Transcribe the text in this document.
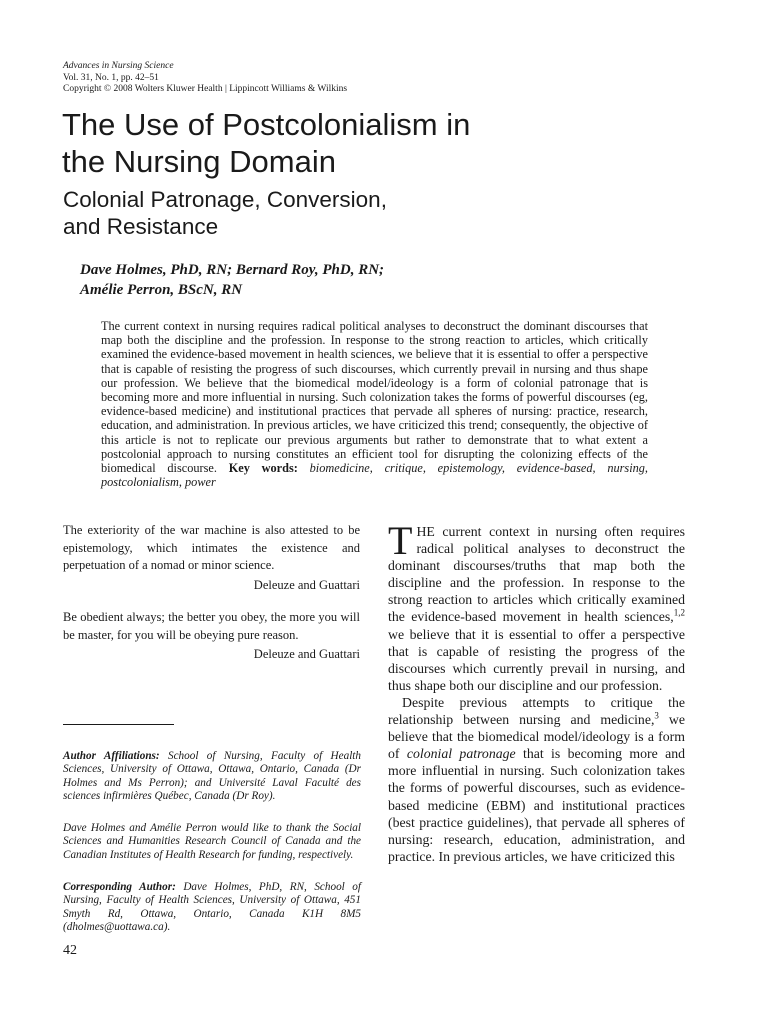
Advances in Nursing Science
Vol. 31, No. 1, pp. 42–51
Copyright © 2008 Wolters Kluwer Health | Lippincott Williams & Wilkins
The Use of Postcolonialism in
the Nursing Domain
Colonial Patronage, Conversion,
and Resistance
Dave Holmes, PhD, RN; Bernard Roy, PhD, RN;
Amélie Perron, BScN, RN
The current context in nursing requires radical political analyses to deconstruct the dominant discourses that map both the discipline and the profession. In response to the strong reaction to articles, which critically examined the evidence-based movement in health sciences, we believe that it is essential to offer a perspective that is capable of resisting the progress of such discourses, which currently prevail in nursing and thus shape our profession. We believe that the biomedical model/ideology is a form of colonial patronage that is becoming more and more influential in nursing. Such colonization takes the forms of powerful discourses (eg, evidence-based medicine) and institutional practices that pervade all spheres of nursing: practice, research, education, and administration. In previous articles, we have criticized this trend; consequently, the objective of this article is not to replicate our previous arguments but rather to demonstrate that to what extent a postcolonial approach to nursing constitutes an efficient tool for disrupting the colonizing effects of the biomedical discourse. Key words: biomedicine, critique, epistemology, evidence-based, nursing, postcolonialism, power
The exteriority of the war machine is also attested to be epistemology, which intimates the existence and perpetuation of a nomad or minor science.
Deleuze and Guattari
Be obedient always; the better you obey, the more you will be master, for you will be obeying pure reason.
Deleuze and Guattari
Author Affiliations: School of Nursing, Faculty of Health Sciences, University of Ottawa, Ottawa, Ontario, Canada (Dr Holmes and Ms Perron); and Université Laval Faculté des sciences infirmières Québec, Canada (Dr Roy).
Dave Holmes and Amélie Perron would like to thank the Social Sciences and Humanities Research Council of Canada and the Canadian Institutes of Health Research for funding, respectively.
Corresponding Author: Dave Holmes, PhD, RN, School of Nursing, Faculty of Health Sciences, University of Ottawa, 451 Smyth Rd, Ottawa, Ontario, Canada K1H 8M5 (dholmes@uottawa.ca).
42

THE current context in nursing often requires radical political analyses to deconstruct the dominant discourses/truths that map both the discipline and the profession. In response to the strong reaction to articles which critically examined the evidence-based movement in health sciences,$^{1,2}$ we believe that it is essential to offer a perspective that is capable of resisting the progress of the discourses which currently prevail in nursing, and thus shape both our discipline and our profession.

Despite previous attempts to critique the relationship between nursing and medicine,$^3$ we believe that the biomedical model/ideology is a form of colonial patronage that is becoming more and more influential in nursing. Such colonization takes the forms of powerful discourses, such as evidence-based medicine (EBM) and institutional practices (best practice guidelines), that pervade all spheres of nursing: research, education, administration, and practice. In previous articles, we have criticized this
